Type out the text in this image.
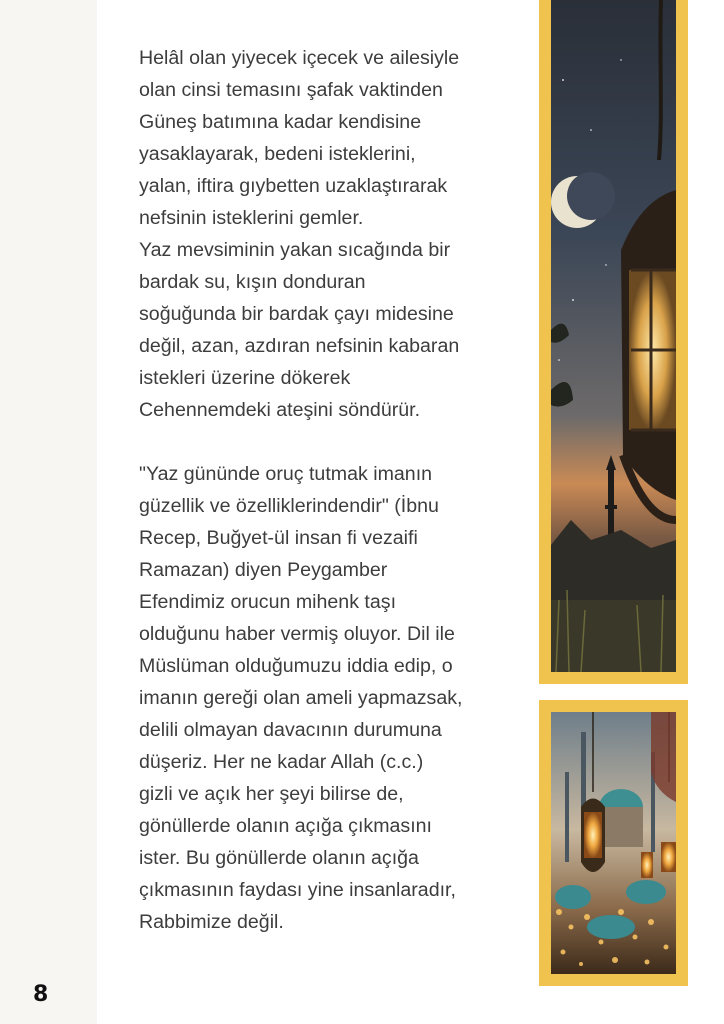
8

Helâl olan yiyecek içecek ve ailesiyle
olan cinsi temasını şafak vaktinden
Güneş batımına kadar kendisine
yasaklayarak, bedeni isteklerini,
yalan, iftira gıybetten uzaklaştırarak
nefsinin isteklerini gemler.

Yaz mevsiminin yakan sıcağında bir
bardak su, kışın donduran
soğuğunda bir bardak çayı midesine
değil, azan, azdıran nefsinin kabaran
istekleri üzerine dökerek
Cehennemdeki ateşini söndürür.

"Yaz gününde oruç tutmak imanın
güzellik ve özelliklerindendir" (İbnu
Recep, Buğyet-ül insan fi vezaifi
Ramazan) diyen Peygamber
Efendimiz orucun mihenk taşı
olduğunu haber vermiş oluyor. Dil ile
Müslüman olduğumuzu iddia edip, o
imanın gereği olan ameli yapmazsak,
delili olmayan davacının durumuna
düşeriz. Her ne kadar Allah (c.c.)
gizli ve açık her şeyi bilirse de,
gönüllerde olanın açığa çıkmasını
ister. Bu gönüllerde olanın açığa
çıkmasının faydası yine insanlaradır,
Rabbimize değil.
